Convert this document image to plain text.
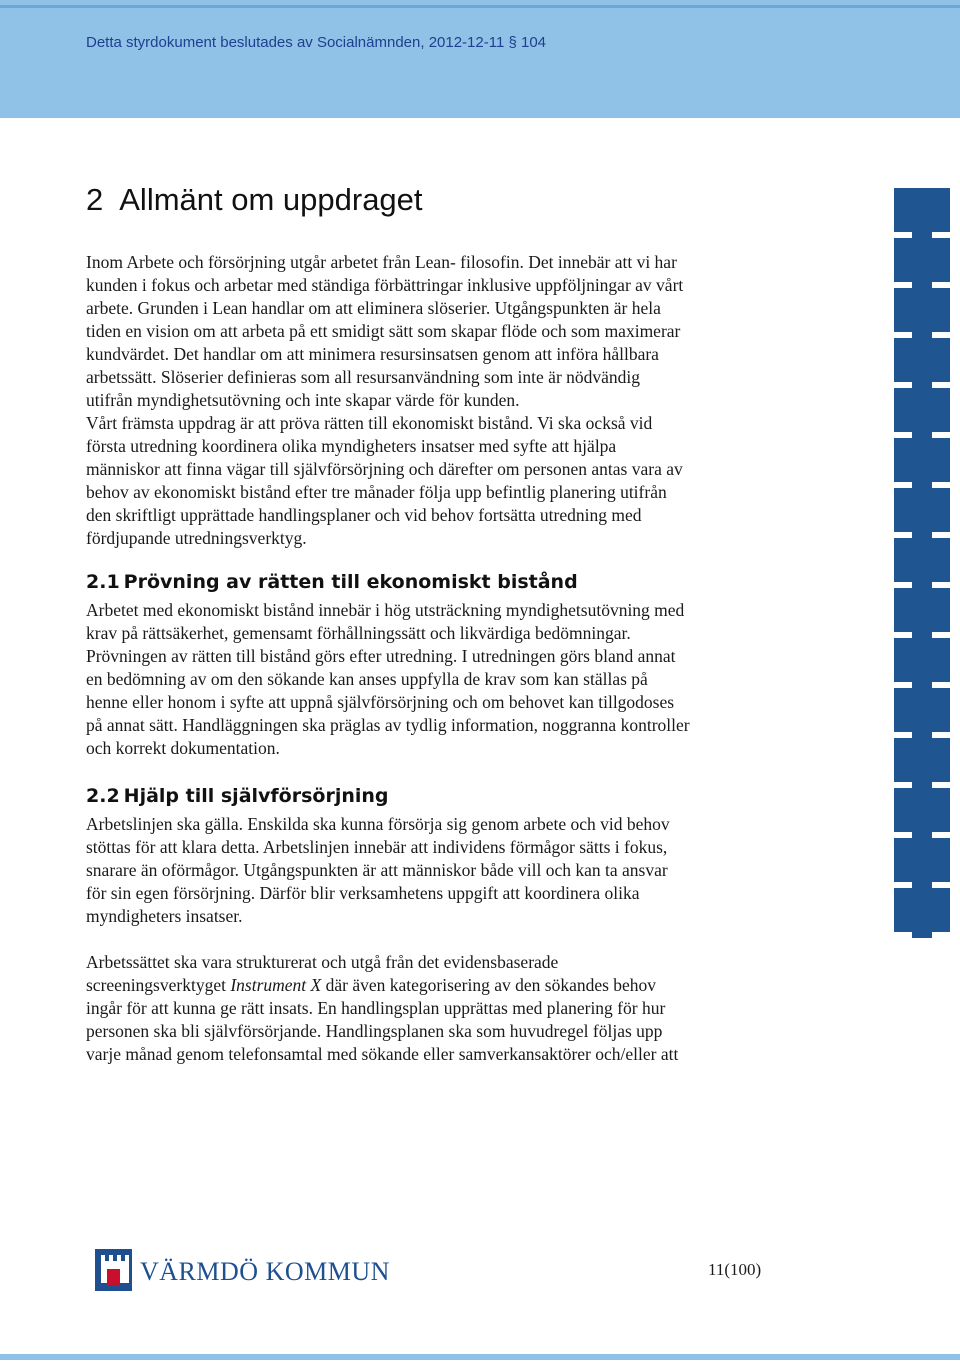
Detta styrdokument beslutades av Socialnämnden, 2012-12-11 § 104
2 Allmänt om uppdraget

Inom Arbete och försörjning utgår arbetet från Lean- filosofin. Det innebär att vi har
kunden i fokus och arbetar med ständiga förbättringar inklusive uppföljningar av vårt
arbete. Grunden i Lean handlar om att eliminera slöserier. Utgångspunkten är hela
tiden en vision om att arbeta på ett smidigt sätt som skapar flöde och som maximerar
kundvärdet. Det handlar om att minimera resursinsatsen genom att införa hållbara
arbetssätt. Slöserier definieras som all resursanvändning som inte är nödvändig
utifrån myndighetsutövning och inte skapar värde för kunden.
Vårt främsta uppdrag är att pröva rätten till ekonomiskt bistånd. Vi ska också vid
första utredning koordinera olika myndigheters insatser med syfte att hjälpa
människor att finna vägar till självförsörjning och därefter om personen antas vara av
behov av ekonomiskt bistånd efter tre månader följa upp befintlig planering utifrån
den skriftligt upprättade handlingsplaner och vid behov fortsätta utredning med
fördjupande utredningsverktyg.

2.1 Prövning av rätten till ekonomiskt bistånd

Arbetet med ekonomiskt bistånd innebär i hög utsträckning myndighetsutövning med
krav på rättsäkerhet, gemensamt förhållningssätt och likvärdiga bedömningar.
Prövningen av rätten till bistånd görs efter utredning. I utredningen görs bland annat
en bedömning av om den sökande kan anses uppfylla de krav som kan ställas på
henne eller honom i syfte att uppnå självförsörjning och om behovet kan tillgodoses
på annat sätt. Handläggningen ska präglas av tydlig information, noggranna kontroller
och korrekt dokumentation.

2.2 Hjälp till självförsörjning

Arbetslinjen ska gälla. Enskilda ska kunna försörja sig genom arbete och vid behov
stöttas för att klara detta. Arbetslinjen innebär att individens förmågor sätts i fokus,
snarare än oförmågor. Utgångspunkten är att människor både vill och kan ta ansvar
för sin egen försörjning. Därför blir verksamhetens uppgift att koordinera olika
myndigheters insatser.

Arbetssättet ska vara strukturerat och utgå från det evidensbaserade
screeningsverktyget Instrument X där även kategorisering av den sökandes behov
ingår för att kunna ge rätt insats. En handlingsplan upprättas med planering för hur
personen ska bli självförsörjande. Handlingsplanen ska som huvudregel följas upp
varje månad genom telefonsamtal med sökande eller samverkansaktörer och/eller att

VÄRMDÖ KOMMUN	11(100)
